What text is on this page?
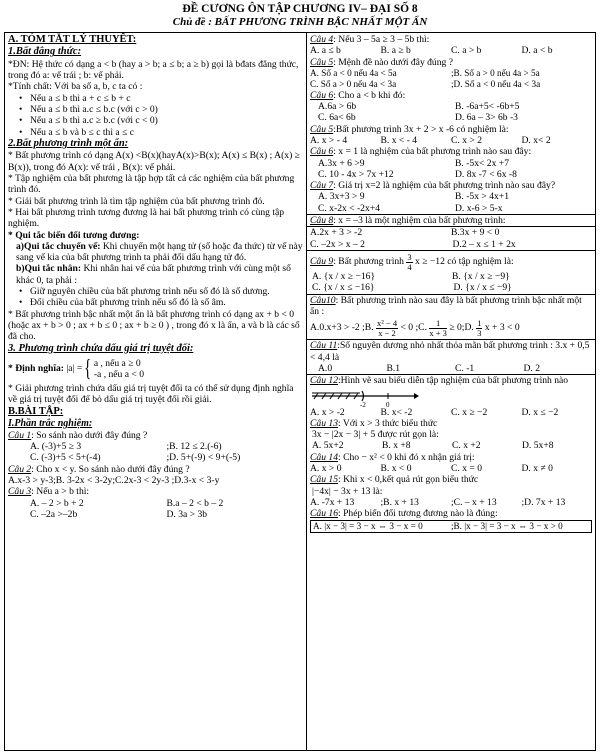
ĐỀ CƯƠNG ÔN TẬP CHƯƠNG IV– ĐẠI SỐ 8
Chủ đề : BẤT PHƯƠNG TRÌNH BẬC NHẤT MỘT ẨN

A. TÓM TẮT LÝ THUYẾT:

1.Bất đẳng thức:

*ĐN: Hệ thức có dạng a < b (hay a > b; a ≤ b; a ≥ b) gọi là bđats đẳng thức, trong đó a: vế trái ; b: vế phải.

*Tính chất: Với ba số a, b, c ta có :

• Nếu a ≤ b thì a + c ≤ b + c

• Nếu a ≤ b thì a.c ≤ b.c (với c > 0)

• Nếu a ≤ b thì a.c ≥ b.c (với c < 0)

• Nếu a ≤ b và b ≤ c thì a ≤ c

2.Bất phương trình một ẩn:

* Bất phương trình có dạng A(x) <B(x)(hayA(x)>B(x); A(x) ≤ B(x) ; A(x) ≥ B(x)), trong đó A(x): vế trái , B(x): vế phải.

* Tập nghiệm của bất phương là tập hợp tất cả các nghiệm của bất phương trình đó.

* Giải bất phương trình là tìm tập nghiệm của bất phương trình đó.

* Hai bất phương trình tương đương là hai bất phương trình có cùng tập nghiệm.

* Qui tắc biến đổi tương đương:

a)Qui tắc chuyển vế: Khi chuyển một hạng tử (số hoặc đa thức) từ vế này sang vế kia của bất phương trình ta phải đổi dấu hạng tử đó.

b)Qui tắc nhân: Khi nhân hai vế của bất phương trình với cùng một số khác 0, ta phải :

• Giữ nguyên chiều của bất phương trình nếu số đó là số dương.

• Đổi chiều của bất phương trình nếu số đó là số âm.

* Bất phương trình bậc nhất một ẩn là bất phương trình có dạng ax + b < 0 (hoặc ax + b > 0 ; ax + b ≤ 0 ; ax + b ≥ 0 ) , trong đó x là ẩn, a và b là các số đã cho.

3. Phương trình chứa dấu giá trị tuyệt đối:

* Định nghĩa: |a| = { a , nếu a ≥ 0
-a , nếu a < 0

* Giải phương trình chứa dấu giá trị tuyệt đối ta có thể sử dụng định nghĩa về giá trị tuyệt đối để bỏ dấu giá trị tuyệt đối rồi giải.

B.BÀI TẬP:

I.Phần trắc nghiệm:

Câu 1: So sánh nào dưới đây đúng ?

A. (-3)+5 ≥ 3	;B. 12 ≤ 2.(-6)
C. (-3)+5 < 5+(-4)	;D. 5+(-9) < 9+(-5)

Câu 2: Cho x < y. So sánh nào dưới đây đúng ?

A.x-3 > y-3;B. 3-2x < 3-2y;C.2x-3 < 2y-3 ;D.3-x < 3-y

Câu 3: Nếu a > b thì:

A. – 2 > b + 2	B.a – 2 < b – 2
C. –2a >–2b	D. 3a > 3b

Câu 4: Nếu 3 – 5a ≥ 3 – 5b thì:

A. a ≤ b	B. a ≥ b	C. a > b	D. a < b

Câu 5: Mệnh đề nào dưới đây đúng ?

A. Số a < 0 nếu 4a < 5a	;B. Số a > 0 nếu 4a > 5a
C. Số a > 0 nếu 4a < 3a	;D. Số a < 0 nếu 4a < 3a

Câu 6: Cho a < b khi đó:

A.6a > 6b	B. -6a+5< -6b+5
C. 6a< 6b	D. 6a – 3> 6b -3

Câu 5:Bất phương trình 3x + 2 > x -6 có nghiệm là:

A. x > - 4	B. x < - 4	C. x > 2	D. x< 2

Câu 6: x = 1 là nghiệm của bất phương trình nào sau đây:

A.3x + 6 >9	B. -5x< 2x +7
C. 10 - 4x > 7x +12	D. 8x -7 < 6x -8

Câu 7: Giá trị x=2 là nghiệm của bất phương trình nào sau đây?

A. 3x+3 > 9	B. -5x > 4x+1
C. x-2x < -2x+4	D. x-6 > 5-x

Câu 8: x = –3 là một nghiệm của bất phương trình:

A.2x + 3 > -2	B.3x + 9 < 0
C. –2x > x – 2	D.2 – x ≤ 1 + 2x

Câu 9: Bất phương trình $\frac{3}{4}$ x ≥ −12 có tập nghiệm là:

A. {x / x ≥ −16}	B. {x / x ≥ −9}
C. {x / x ≤ −16}	D. {x / x ≤ −9}

Câu10: Bất phương trình nào sau đây là bất phương trình bậc nhất một ẩn :

A.0.x+3 > -2 ;B. $\frac{\text{x² − 4}}{x - 2} < 0$ ;C. $\frac{1}{x + 3}$ ≥ 0;D. $\frac{1}{3}$ x + 3 < 0

Câu 11:Số nguyên dương nhỏ nhất thỏa mãn bất phương trình : 3.x + 0,5 < 4,4 là

A.0	B.1	C. -1	D. 2

Câu 12:Hình vẽ sau biểu diễn tập nghiệm của bất phương trình nào
-2	0

A. x > -2	B. x< -2	C. x ≥ −2	D. x ≤ −2

Câu 13: Với x > 3 thức biểu thức

3x − |2x − 3| + 5 được rút gọn là:

A. 5x+2	B. x +8	C. x +2	D. 5x+8

Câu 14: Cho − x² < 0 khi đó x nhận giá trị:

A. x > 0	B. x < 0	C. x = 0	D. x ≠ 0

Câu 15: Khi x < 0,kết quả rút gọn biểu thức

|−4x| − 3x + 13 là:

A. -7x + 13	;B. x + 13	;C. – x + 13	;D. 7x + 13

Câu 16: Phép biến đổi tương đương nào là đúng:

A. |x − 3| = 3 − x ⇔ 3 − x = 0	;B. |x − 3| = 3 − x ⇔ 3 − x > 0
